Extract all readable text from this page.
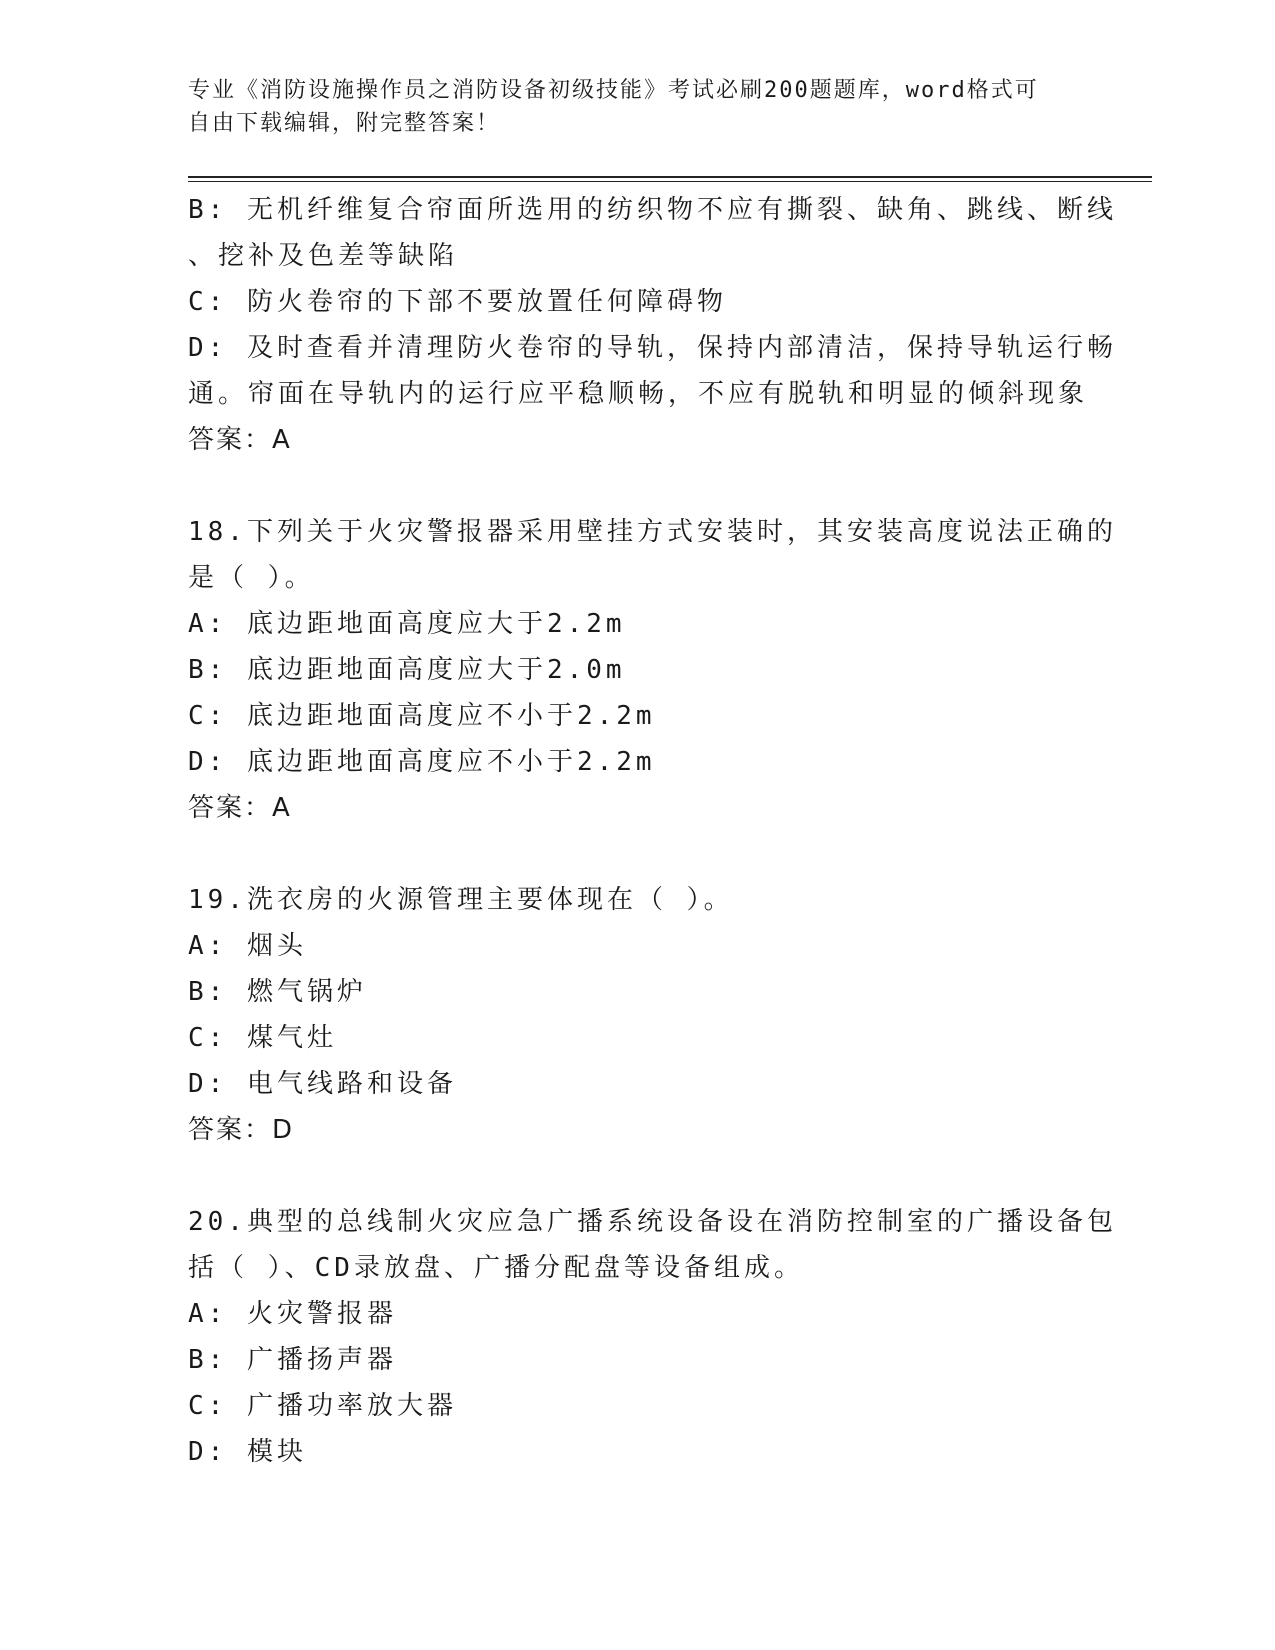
专业《消防设施操作员之消防设备初级技能》考试必刷200题题库，word格式可
自由下载编辑，附完整答案！
B: 无机纤维复合帘面所选用的纺织物不应有撕裂、缺角、跳线、断线
、挖补及色差等缺陷
C: 防火卷帘的下部不要放置任何障碍物
D: 及时查看并清理防火卷帘的导轨，保持内部清洁，保持导轨运行畅
通。帘面在导轨内的运行应平稳顺畅，不应有脱轨和明显的倾斜现象
答案：A
18.下列关于火灾警报器采用壁挂方式安装时，其安装高度说法正确的
是（ ）。
A: 底边距地面高度应大于2.2m
B: 底边距地面高度应大于2.0m
C: 底边距地面高度应不小于2.2m
D: 底边距地面高度应不小于2.2m
答案：A
19.洗衣房的火源管理主要体现在（ ）。
A: 烟头
B: 燃气锅炉
C: 煤气灶
D: 电气线路和设备
答案：D
20.典型的总线制火灾应急广播系统设备设在消防控制室的广播设备包
括（ ）、CD录放盘、广播分配盘等设备组成。
A: 火灾警报器
B: 广播扬声器
C: 广播功率放大器
D: 模块
